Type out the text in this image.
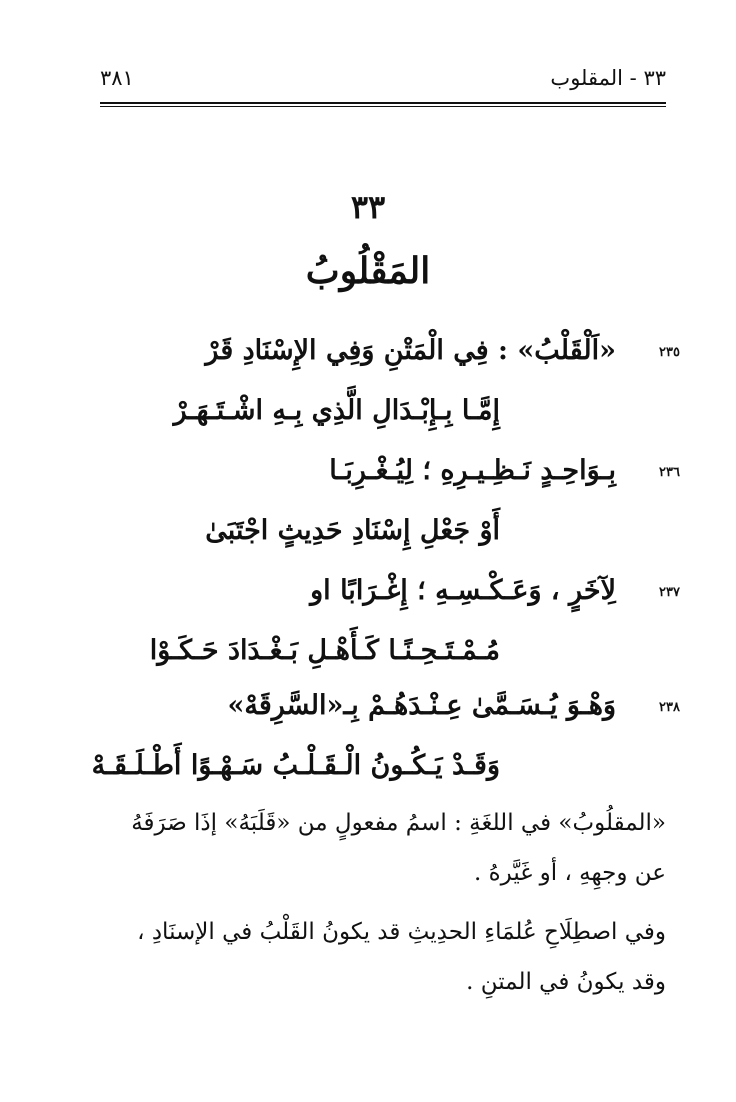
٣٨١	٣٣ - المقلوب
٣٣
المَقْلُوبُ
٢٣٥
«اَلْقَلْبُ» : فِي الْمَتْنِ وَفِي الإِسْنَادِ قَرْ
إِمَّـا بِـإِبْـدَالِ الَّذِي بِـهِ اشْـتَـهَـرْ
٢٣٦
بِـوَاحِـدٍ نَـظِـيـرِهِ ؛ لِيُـغْـرِبَـا
أَوْ جَعْلِ إِسْنَادِ حَدِيثٍ اجْتَبَىٰ
٢٣٧
لِآخَرٍ ، وَعَـكْـسِـهِ ؛ إِغْـرَابًا او
مُـمْـتَـحِـنًـا كَـأَهْـلِ بَـغْـدَادَ حَـكَـوْا
٢٣٨
وَهْـوَ يُـسَـمَّىٰ عِـنْـدَهُـمْ بِـ«السَّرِقَهْ»
وَقَـدْ يَـكُـونُ الْـقَـلْـبُ سَـهْـوًا أَطْـلَـقَـهْ
«المقلُوبُ» في اللغَةِ : اسمُ مفعولٍ من «قَلَبَهُ» إذَا صَرَفَهُ عن وجهِهِ ، أو غَيَّرهُ .
وفي اصطِلَاحِ عُلمَاءِ الحدِيثِ قد يكونُ القَلْبُ في الإسنَادِ ، وقد يكونُ في المتنِ .
